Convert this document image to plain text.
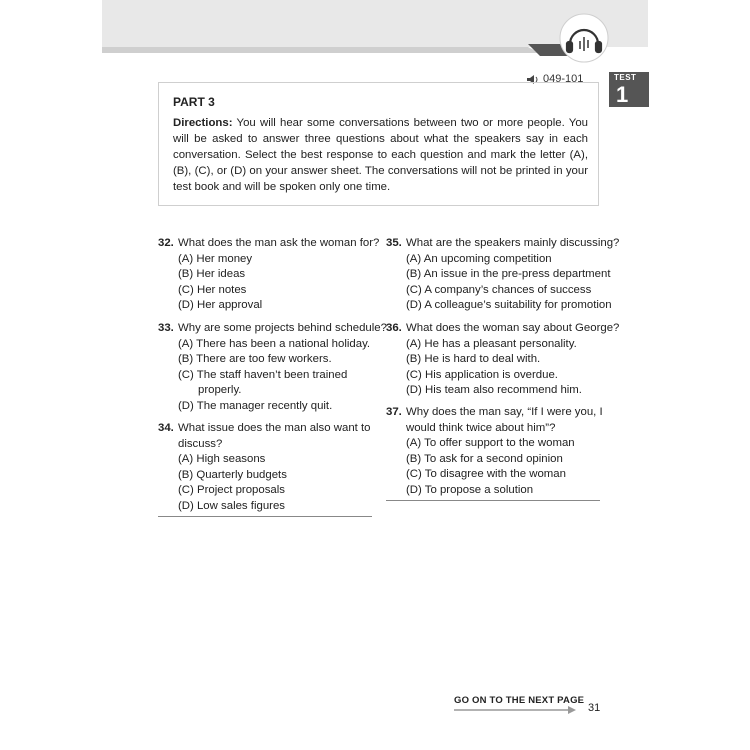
049-101	TEST
1
PART 3
Directions: You will hear some conversations between two or more people. You will be asked to answer three questions about what the speakers say in each conversation. Select the best response to each question and mark the letter (A), (B), (C), or (D) on your answer sheet. The conversations will not be printed in your test book and will be spoken only one time.
32. What does the man ask the woman for?
(A) Her money
(B) Her ideas
(C) Her notes
(D) Her approval
33. Why are some projects behind schedule?
(A) There has been a national holiday.
(B) There are too few workers.
(C) The staff haven’t been trained
properly.
(D) The manager recently quit.
34. What issue does the man also want to
discuss?
(A) High seasons
(B) Quarterly budgets
(C) Project proposals
(D) Low sales figures
35. What are the speakers mainly discussing?
(A) An upcoming competition
(B) An issue in the pre-press department
(C) A company’s chances of success
(D) A colleague’s suitability for promotion
36. What does the woman say about George?
(A) He has a pleasant personality.
(B) He is hard to deal with.
(C) His application is overdue.
(D) His team also recommend him.
37. Why does the man say, “If I were you, I
would think twice about him”?
(A) To offer support to the woman
(B) To ask for a second opinion
(C) To disagree with the woman
(D) To propose a solution
GO ON TO THE NEXT PAGE
31
